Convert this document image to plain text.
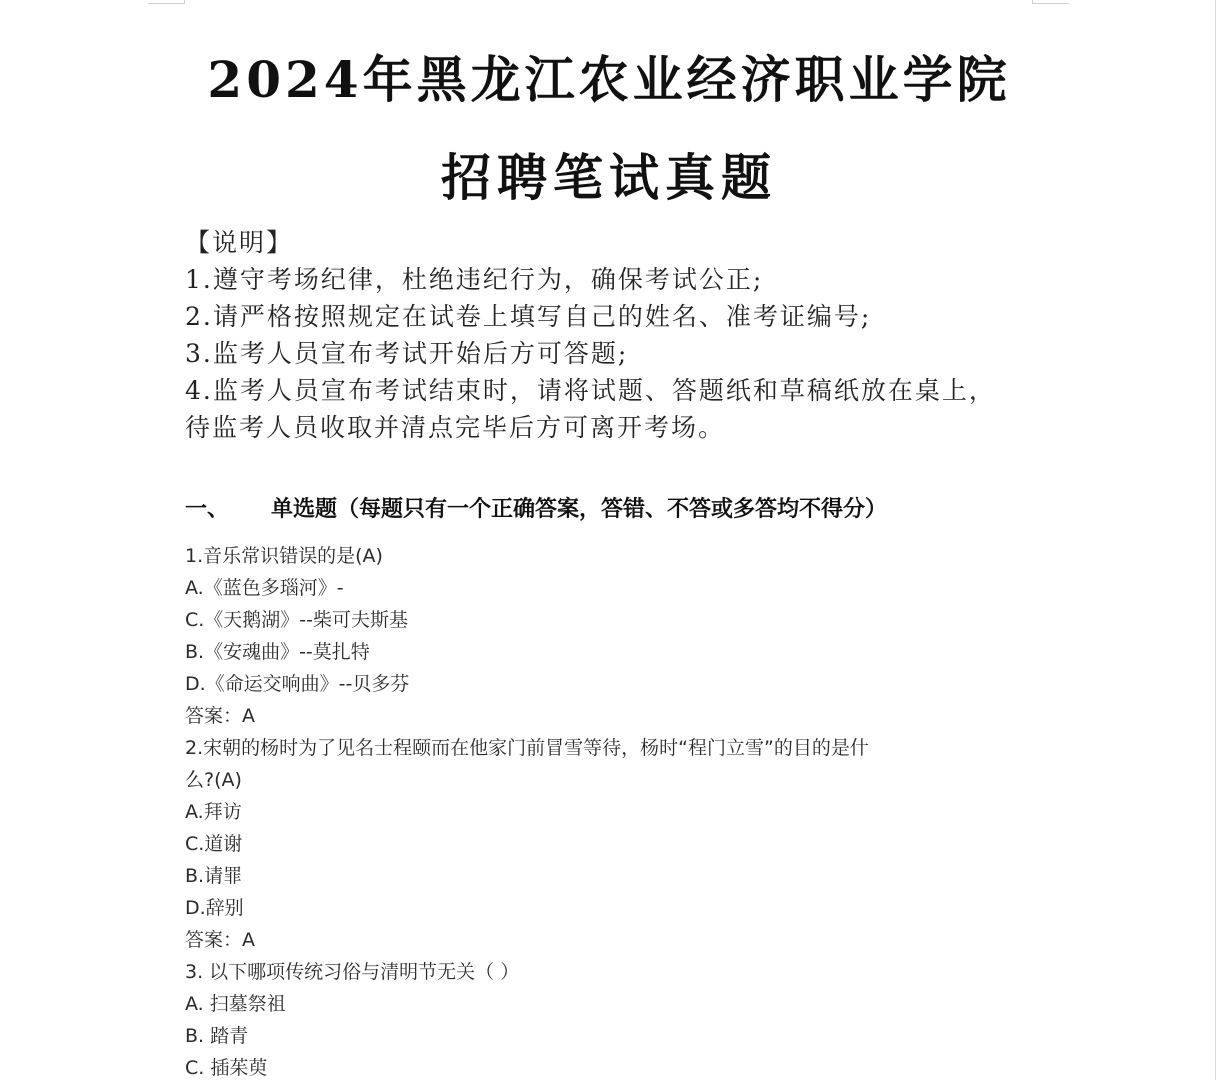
2024年黑龙江农业经济职业学院
招聘笔试真题
【说明】
1.遵守考场纪律，杜绝违纪行为，确保考试公正;
2.请严格按照规定在试卷上填写自己的姓名、准考证编号;
3.监考人员宣布考试开始后方可答题;
4.监考人员宣布考试结束时，请将试题、答题纸和草稿纸放在桌上，
待监考人员收取并清点完毕后方可离开考场。
一、 单选题（每题只有一个正确答案，答错、不答或多答均不得分）
1.音乐常识错误的是(A)
A.《蓝色多瑙河》-
C.《天鹅湖》--柴可夫斯基
B.《安魂曲》--莫扎特
D.《命运交响曲》--贝多芬
答案：A
2.宋朝的杨时为了见名士程颐而在他家门前冒雪等待，杨时“程门立雪”的目的是什
么?(A)
A.拜访
C.道谢
B.请罪
D.辞别
答案：A
3. 以下哪项传统习俗与清明节无关（ ）
A. 扫墓祭祖
B. 踏青
C. 插茱萸
